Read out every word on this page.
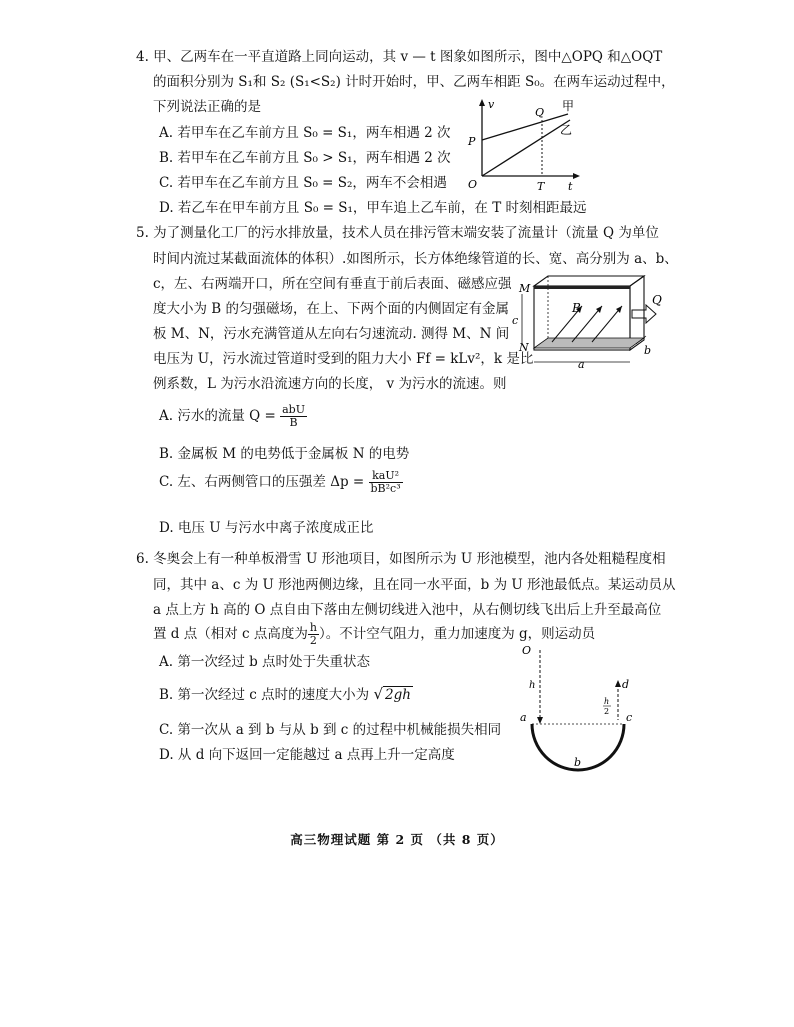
4. 甲、乙两车在一平直道路上同向运动，其 v — t 图象如图所示，图中△OPQ 和△OQT
的面积分别为 S₁和 S₂ (S₁<S₂) 计时开始时，甲、乙两车相距 S₀。在两车运动过程中，
下列说法正确的是
A. 若甲车在乙车前方且 S₀ = S₁，两车相遇 2 次
B. 若甲车在乙车前方且 S₀ > S₁，两车相遇 2 次
C. 若甲车在乙车前方且 S₀ = S₂，两车不会相遇
D. 若乙车在甲车前方且 S₀ = S₁，甲车追上乙车前，在 T 时刻相距最远
v
O
P
Q
T t
甲
乙
5. 为了测量化工厂的污水排放量，技术人员在排污管末端安装了流量计（流量 Q 为单位
时间内流过某截面流体的体积）.如图所示，长方体绝缘管道的长、宽、高分别为 a、b、
c，左、右两端开口，所在空间有垂直于前后表面、磁感应强
度大小为 B 的匀强磁场，在上、下两个面的内侧固定有金属
板 M、N，污水充满管道从左向右匀速流动. 测得 M、N 间
电压为 U，污水流过管道时受到的阻力大小 Ff = kLv²，k 是比
例系数，L 为污水沿流速方向的长度， v 为污水的流速。则
B
Q
M
N
c
b
a
A. 污水的流量 $Q = \frac{\text{abU}}{B}$
B. 金属板 M 的电势低于金属板 N 的电势
C. 左、右两侧管口的压强差 $\Delta p = \frac{\text{kaU²}}{\text{bB²c³}}$
D. 电压 U 与污水中离子浓度成正比
6. 冬奥会上有一种单板滑雪 U 形池项目，如图所示为 U 形池模型，池内各处粗糙程度相
同，其中 a、c 为 U 形池两侧边缘，且在同一水平面，b 为 U 形池最低点。某运动员从
a 点上方 h 高的 O 点自由下落由左侧切线进入池中，从右侧切线飞出后上升至最高位
置 d 点（相对 c 点高度为 $\frac{h}{2}$ ）。不计空气阻力，重力加速度为 g，则运动员
A. 第一次经过 b 点时处于失重状态
B. 第一次经过 c 点时的速度大小为 √ 2gh
C. 第一次从 a 到 b 与从 b 到 c 的过程中机械能损失相同
D. 从 d 向下返回一定能越过 a 点再上升一定高度
O
h	d
h
2
a	c
b
高三物理试题 第 2 页 （共 8 页）
